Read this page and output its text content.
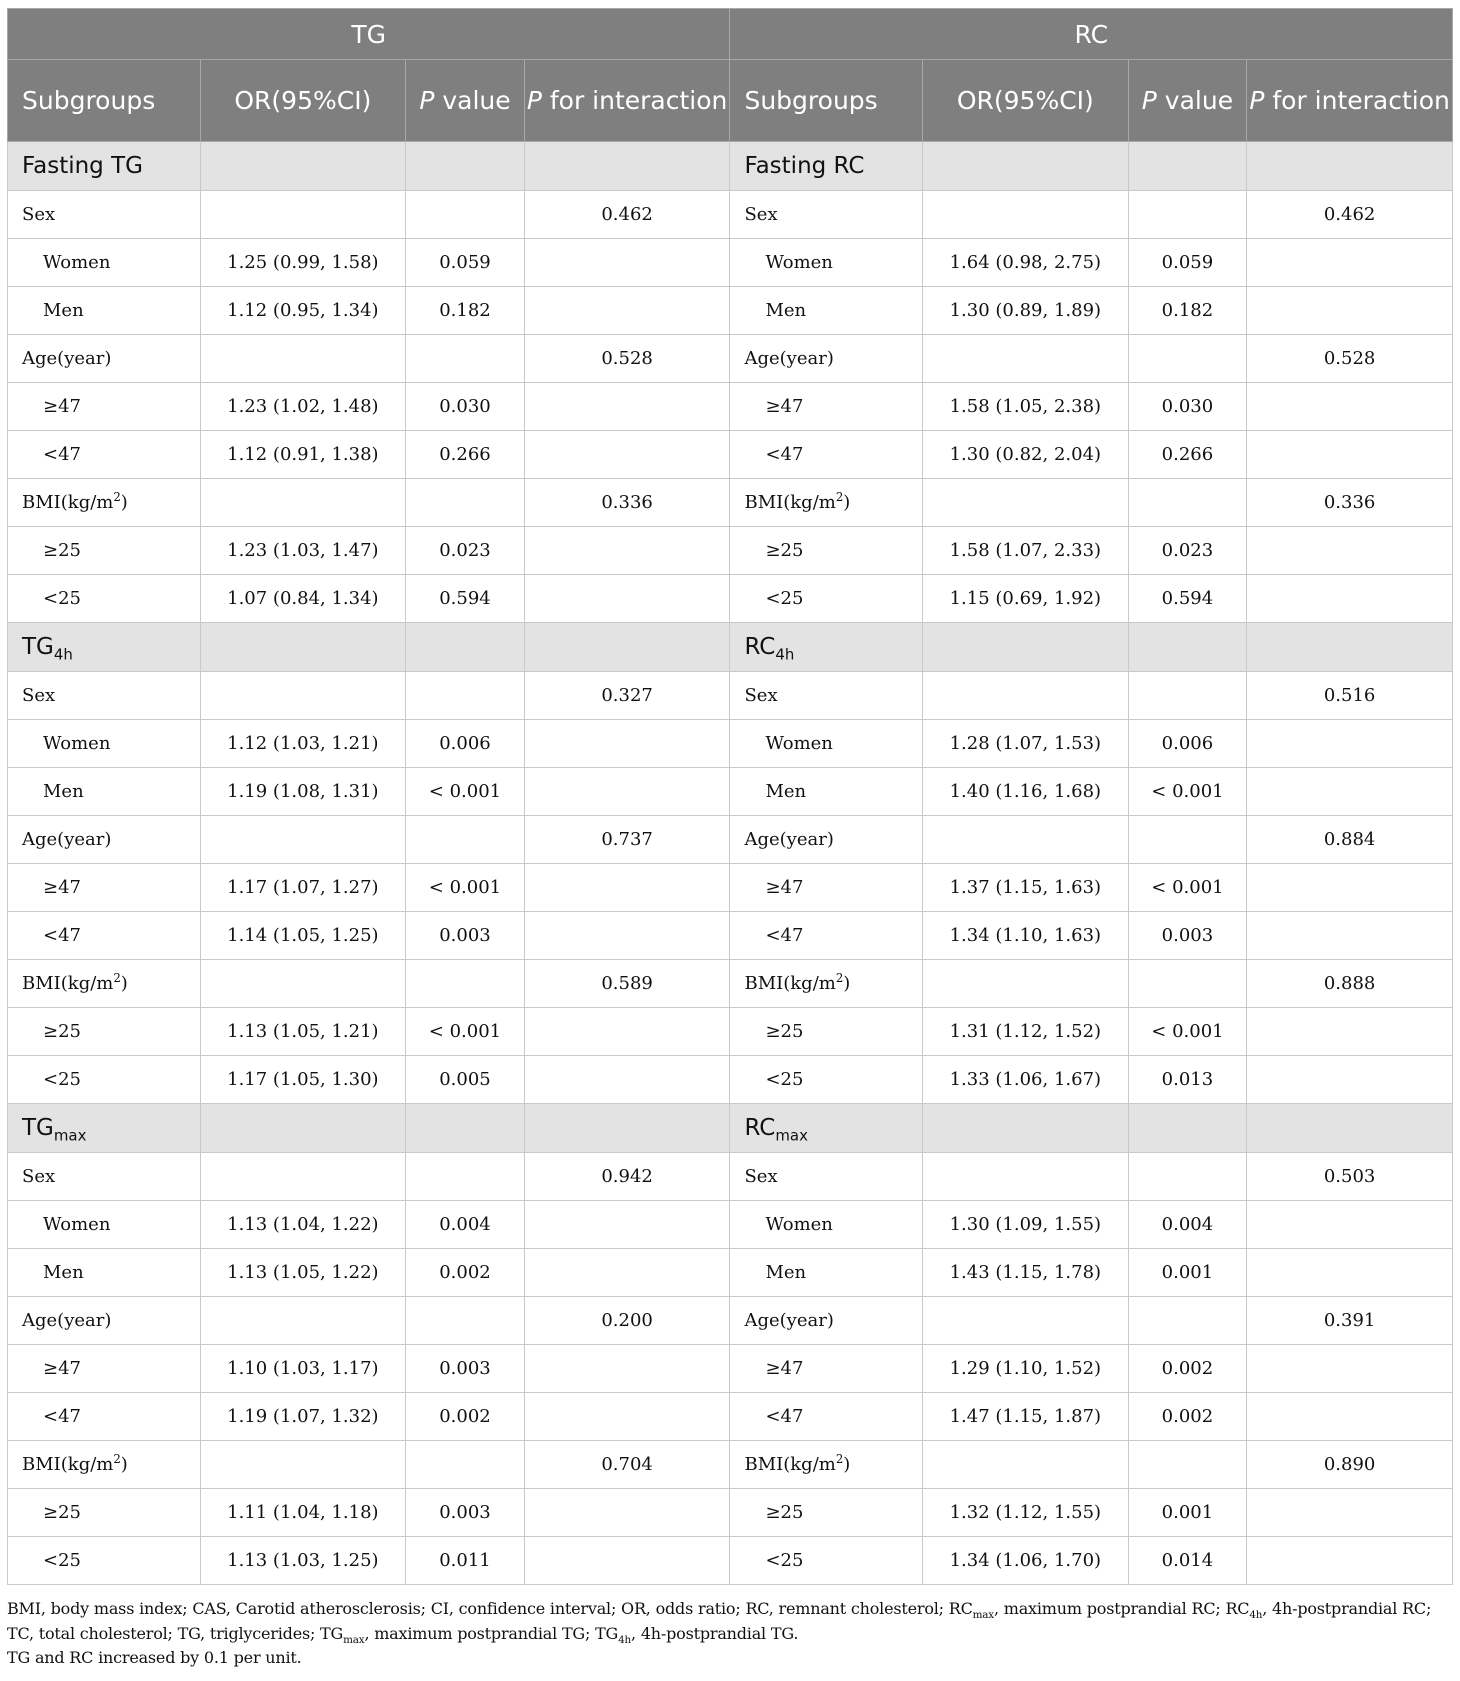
TG				RC			
Subgroups	OR(95%CI)	P value	P for interaction	Subgroups	OR(95%CI)	P value	P for interaction
Fasting TG				Fasting RC			
Sex			0.462	Sex			0.462
Women	1.25 (0.99, 1.58)	0.059		Women	1.64 (0.98, 2.75)	0.059	
Men	1.12 (0.95, 1.34)	0.182		Men	1.30 (0.89, 1.89)	0.182	
Age(year)			0.528	Age(year)			0.528
≥47	1.23 (1.02, 1.48)	0.030		≥47	1.58 (1.05, 2.38)	0.030	
<47	1.12 (0.91, 1.38)	0.266		<47	1.30 (0.82, 2.04)	0.266	
$BMI(kg/m^2)$			0.336	$BMI(kg/m^2)$			0.336
≥25	1.23 (1.03, 1.47)	0.023		≥25	1.58 (1.07, 2.33)	0.023	
<25	1.07 (0.84, 1.34)	0.594		<25	1.15 (0.69, 1.92)	0.594	
$TG_{4h}$				$RC_{4h}$			
Sex			0.327	Sex			0.516
Women	1.12 (1.03, 1.21)	0.006		Women	1.28 (1.07, 1.53)	0.006	
Men	1.19 (1.08, 1.31)	< 0.001		Men	1.40 (1.16, 1.68)	< 0.001	
Age(year)			0.737	Age(year)			0.884
≥47	1.17 (1.07, 1.27)	< 0.001		≥47	1.37 (1.15, 1.63)	< 0.001	
<47	1.14 (1.05, 1.25)	0.003		<47	1.34 (1.10, 1.63)	0.003	
$BMI(kg/m^2)$			0.589	$BMI(kg/m^2)$			0.888
≥25	1.13 (1.05, 1.21)	< 0.001		≥25	1.31 (1.12, 1.52)	< 0.001	
<25	1.17 (1.05, 1.30)	0.005		<25	1.33 (1.06, 1.67)	0.013	
$TG_{max}$				$RC_{max}$			
Sex			0.942	Sex			0.503
Women	1.13 (1.04, 1.22)	0.004		Women	1.30 (1.09, 1.55)	0.004	
Men	1.13 (1.05, 1.22)	0.002		Men	1.43 (1.15, 1.78)	0.001	
Age(year)			0.200	Age(year)			0.391
≥47	1.10 (1.03, 1.17)	0.003		≥47	1.29 (1.10, 1.52)	0.002	
<47	1.19 (1.07, 1.32)	0.002		<47	1.47 (1.15, 1.87)	0.002	
$BMI(kg/m^2)$			0.704	$BMI(kg/m^2)$			0.890
≥25	1.11 (1.04, 1.18)	0.003		≥25	1.32 (1.12, 1.55)	0.001	
<25	1.13 (1.03, 1.25)	0.011		<25	1.34 (1.06, 1.70)	0.014	

BMI, body mass index; CAS, Carotid atherosclerosis; CI, confidence interval; OR, odds ratio; RC, remnant cholesterol; $RC_{max}$, maximum postprandial RC; $RC_{4h}$, 4h-postprandial RC; TC, total cholesterol; TG, triglycerides; $TG_{max}$, maximum postprandial TG; $TG_{4h}$, 4h-postprandial TG.

TG and RC increased by 0.1 per unit.
